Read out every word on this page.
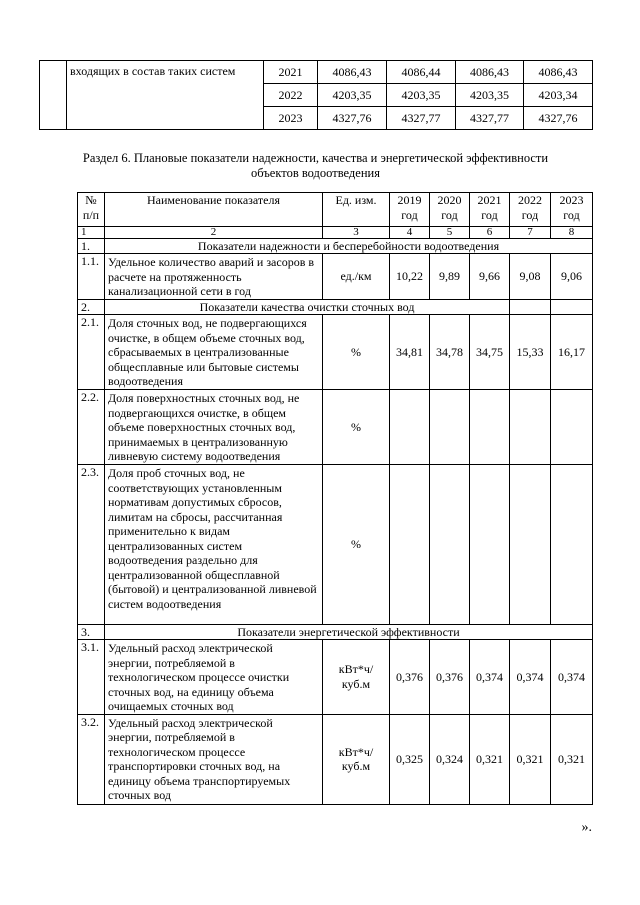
	входящих в состав таких систем	2021	4086,43	4086,44	4086,43	4086,43
		2022	4203,35	4203,35	4203,35	4203,34
		2023	4327,76	4327,77	4327,77	4327,76
Раздел 6. Плановые показатели надежности, качества и энергетической эффективности
объектов водоотведения
№ п/п	Наименование показателя	Ед. изм.	2019 год	2020 год	2021 год	2022 год	2023 год
1	2	3	4	5	6	7	8
1.	Показатели надежности и бесперебойности водоотведения						
1.1.	Удельное количество аварий и засоров в расчете на протяженность канализационной сети в год	ед./км	10,22	9,89	9,66	9,08	9,06
2.	Показатели качества очистки сточных вод						
2.1.	Доля сточных вод, не подвергающихся очистке, в общем объеме сточных вод, сбрасываемых в централизованные общесплавные или бытовые системы водоотведения	%	34,81	34,78	34,75	15,33	16,17
2.2.	Доля поверхностных сточных вод, не подвергающихся очистке, в общем объеме поверхностных сточных вод, принимаемых в централизованную ливневую систему водоотведения	%					
2.3.	Доля проб сточных вод, не соответствующих установленным нормативам допустимых сбросов, лимитам на сбросы, рассчитанная применительно к видам централизованных систем водоотведения раздельно для централизованной общесплавной (бытовой) и централизованной ливневой систем водоотведения	%					
3.	Показатели энергетической эффективности						
3.1.	Удельный расход электрической энергии, потребляемой в технологическом процессе очистки сточных вод, на единицу объема очищаемых сточных вод	кВт*ч/куб.м	0,376	0,376	0,374	0,374	0,374
3.2.	Удельный расход электрической энергии, потребляемой в технологическом процессе транспортировки сточных вод, на единицу объема транспортируемых сточных вод	кВт*ч/куб.м	0,325	0,324	0,321	0,321	0,321
».
